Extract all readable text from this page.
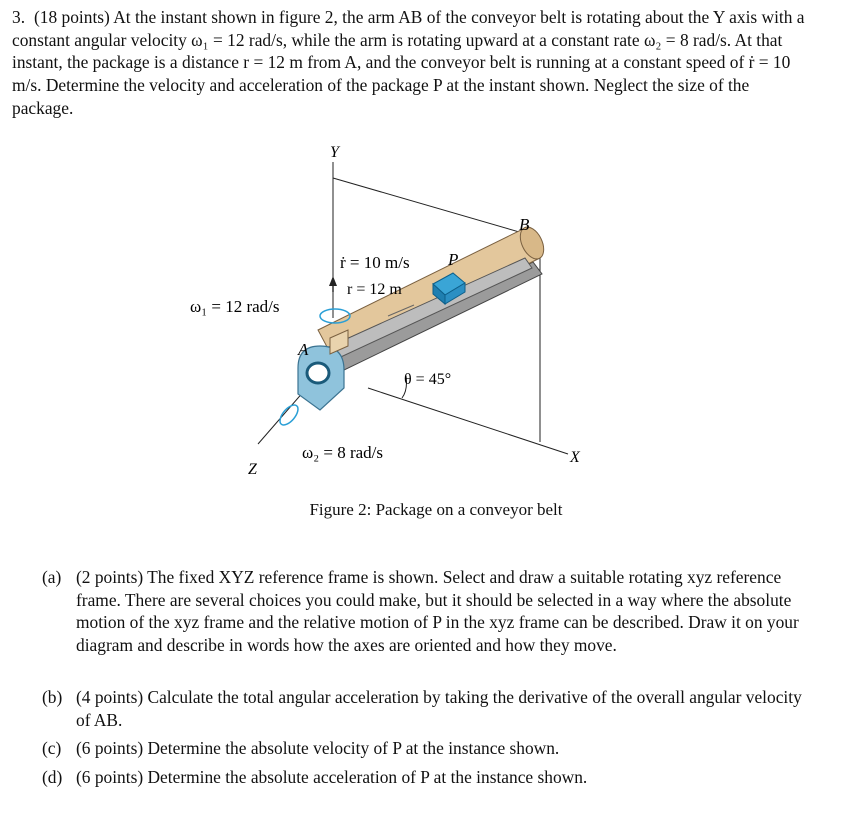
3. (18 points) At the instant shown in figure 2, the arm AB of the conveyor belt is rotating about the Y axis with a constant angular velocity ω₁ = 12 rad/s, while the arm is rotating upward at a constant rate ω₂ = 8 rad/s. At that instant, the package is a distance r = 12 m from A, and the conveyor belt is running at a constant speed of ṙ = 10 m/s. Determine the velocity and acceleration of the package P at the instant shown. Neglect the size of the package.
Y
X
Z
B
A
ṙ = 10 m/s P
r = 12 m
ω₁ = 12 rad/s
θ = 45°
ω₂ = 8 rad/s
Figure 2: Package on a conveyor belt
(a) (2 points) The fixed XYZ reference frame is shown. Select and draw a suitable rotating xyz reference frame. There are several choices you could make, but it should be selected in a way where the absolute motion of the xyz frame and the relative motion of P in the xyz frame can be described. Draw it on your diagram and describe in words how the axes are oriented and how they move.
(b) (4 points) Calculate the total angular acceleration by taking the derivative of the overall angular velocity of AB.
(c) (6 points) Determine the absolute velocity of P at the instance shown.
(d) (6 points) Determine the absolute acceleration of P at the instance shown.
